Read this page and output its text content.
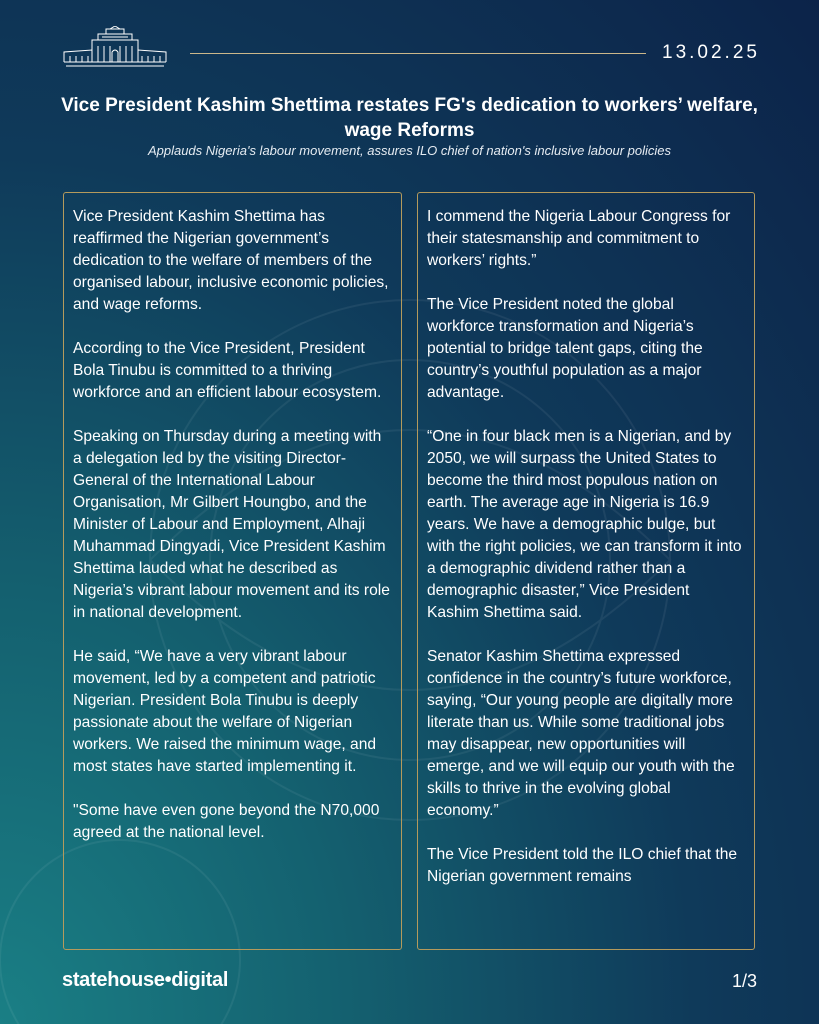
13.02.25
Vice President Kashim Shettima restates FG's dedication to workers’ welfare, wage Reforms

Applauds Nigeria's labour movement, assures ILO chief of nation's inclusive labour policies

Vice President Kashim Shettima has reaffirmed the Nigerian government’s dedication to the welfare of members of the organised labour, inclusive economic policies, and wage reforms.

According to the Vice President, President Bola Tinubu is committed to a thriving workforce and an efficient labour ecosystem.

Speaking on Thursday during a meeting with a delegation led by the visiting Director-General of the International Labour Organisation, Mr Gilbert Houngbo, and the Minister of Labour and Employment, Alhaji Muhammad Dingyadi, Vice President Kashim Shettima lauded what he described as Nigeria’s vibrant labour movement and its role in national development.

He said, “We have a very vibrant labour movement, led by a competent and patriotic Nigerian. President Bola Tinubu is deeply passionate about the welfare of Nigerian workers. We raised the minimum wage, and most states have started implementing it.

"Some have even gone beyond the N70,000 agreed at the national level.

I commend the Nigeria Labour Congress for their statesmanship and commitment to workers’ rights.”

The Vice President noted the global workforce transformation and Nigeria’s potential to bridge talent gaps, citing the country’s youthful population as a major advantage.

“One in four black men is a Nigerian, and by 2050, we will surpass the United States to become the third most populous nation on earth. The average age in Nigeria is 16.9 years. We have a demographic bulge, but with the right policies, we can transform it into a demographic dividend rather than a demographic disaster,” Vice President Kashim Shettima said.

Senator Kashim Shettima expressed confidence in the country’s future workforce, saying, “Our young people are digitally more literate than us. While some traditional jobs may disappear, new opportunities will emerge, and we will equip our youth with the skills to thrive in the evolving global economy.”

The Vice President told the ILO chief that the Nigerian government remains

statehouse•digital	1/3
